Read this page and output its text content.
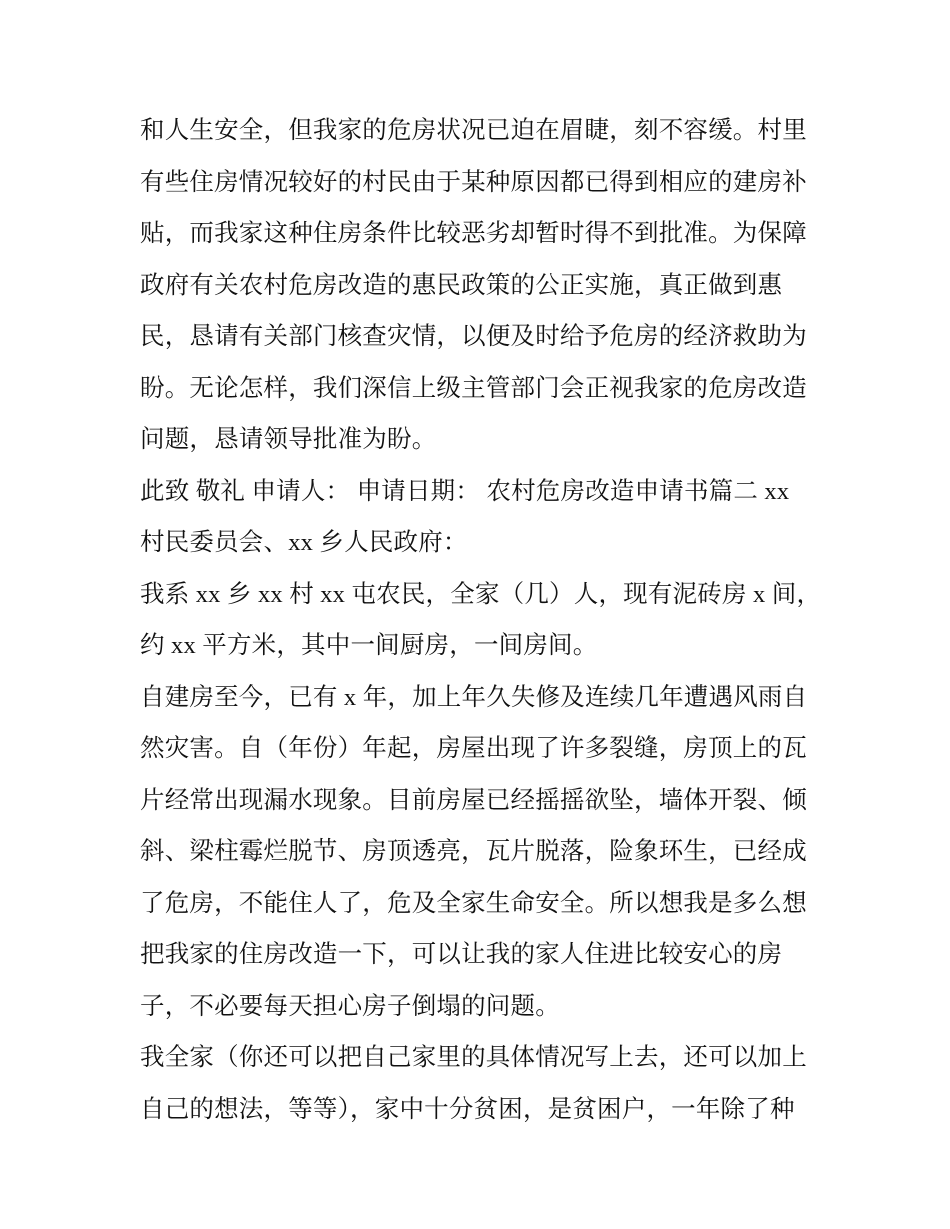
和人生安全，但我家的危房状况已迫在眉睫，刻不容缓。村里
有些住房情况较好的村民由于某种原因都已得到相应的建房补
贴，而我家这种住房条件比较恶劣却暂时得不到批准。为保障
政府有关农村危房改造的惠民政策的公正实施，真正做到惠
民，恳请有关部门核查灾情，以便及时给予危房的经济救助为
盼。无论怎样，我们深信上级主管部门会正视我家的危房改造
问题，恳请领导批准为盼。
此致 敬礼 申请人： 申请日期： 农村危房改造申请书篇二 xx
村民委员会、xx 乡人民政府：
我系 xx 乡 xx 村 xx 屯农民，全家（几）人，现有泥砖房 x 间，
约 xx 平方米，其中一间厨房，一间房间。
自建房至今，已有 x 年，加上年久失修及连续几年遭遇风雨自
然灾害。自（年份）年起，房屋出现了许多裂缝，房顶上的瓦
片经常出现漏水现象。目前房屋已经摇摇欲坠，墙体开裂、倾
斜、梁柱霉烂脱节、房顶透亮，瓦片脱落，险象环生，已经成
了危房，不能住人了，危及全家生命安全。所以想我是多么想
把我家的住房改造一下，可以让我的家人住进比较安心的房
子，不必要每天担心房子倒塌的问题。
我全家（你还可以把自己家里的具体情况写上去，还可以加上
自己的想法，等等），家中十分贫困，是贫困户，一年除了种
